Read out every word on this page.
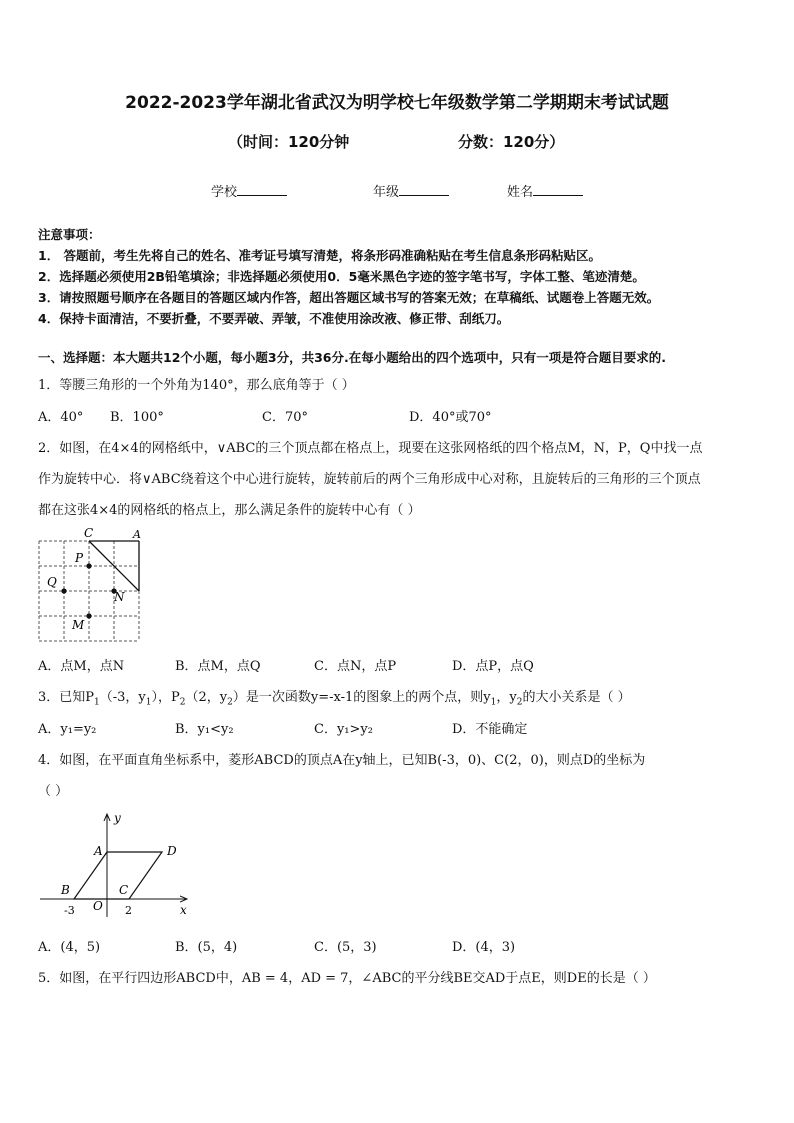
2022-2023学年湖北省武汉为明学校七年级数学第二学期期末考试试题
（时间：120分钟	分数：120分）
学校	年级	姓名
注意事项：
1． 答题前，考生先将自己的姓名、准考证号填写清楚，将条形码准确粘贴在考生信息条形码粘贴区。
2．选择题必须使用2B铅笔填涂；非选择题必须使用0．5毫米黑色字迹的签字笔书写，字体工整、笔迹清楚。
3．请按照题号顺序在各题目的答题区域内作答，超出答题区域书写的答案无效；在草稿纸、试题卷上答题无效。
4．保持卡面清洁，不要折叠，不要弄破、弄皱，不准使用涂改液、修正带、刮纸刀。
一、选择题：本大题共12个小题，每小题3分，共36分.在每小题给出的四个选项中，只有一项是符合题目要求的.
1．等腰三角形的一个外角为140°，那么底角等于（ ）
A．40° B．100°	C．70°	D．40°或70°
2．如图，在4×4的网格纸中，∨ABC的三个顶点都在格点上，现要在这张网格纸的四个格点M，N，P，Q中找一点
作为旋转中心．将∨ABC绕着这个中心进行旋转，旋转前后的两个三角形成中心对称，且旋转后的三角形的三个顶点
都在这张4×4的网格纸的格点上，那么满足条件的旋转中心有（ ）
C	A
P
Q
N
M
A．点M，点N	B．点M，点Q	C．点N，点P	D．点P，点Q
3．已知$P_1(-3$，$y_1$），$P_2(2$，$y_2$）是一次函数y=-x-1的图象上的两个点，则$y_1$，$y_2$的大小关系是（ ）
A．y₁=y₂	B．y₁<y₂	C．y₁>y₂	D．不能确定
4．如图，在平面直角坐标系中，菱形ABCD的顶点A在y轴上，已知B(-3，0)、C(2，0)，则点D的坐标为
（ ）
y
A	D
B	C
-3 O 2	x
A．(4，5)	B．(5，4)	C．(5，3)	D．(4，3)
5．如图，在平行四边形ABCD中，AB = 4，AD = 7，∠ABC的平分线BE交AD于点E，则DE的长是（ ）
